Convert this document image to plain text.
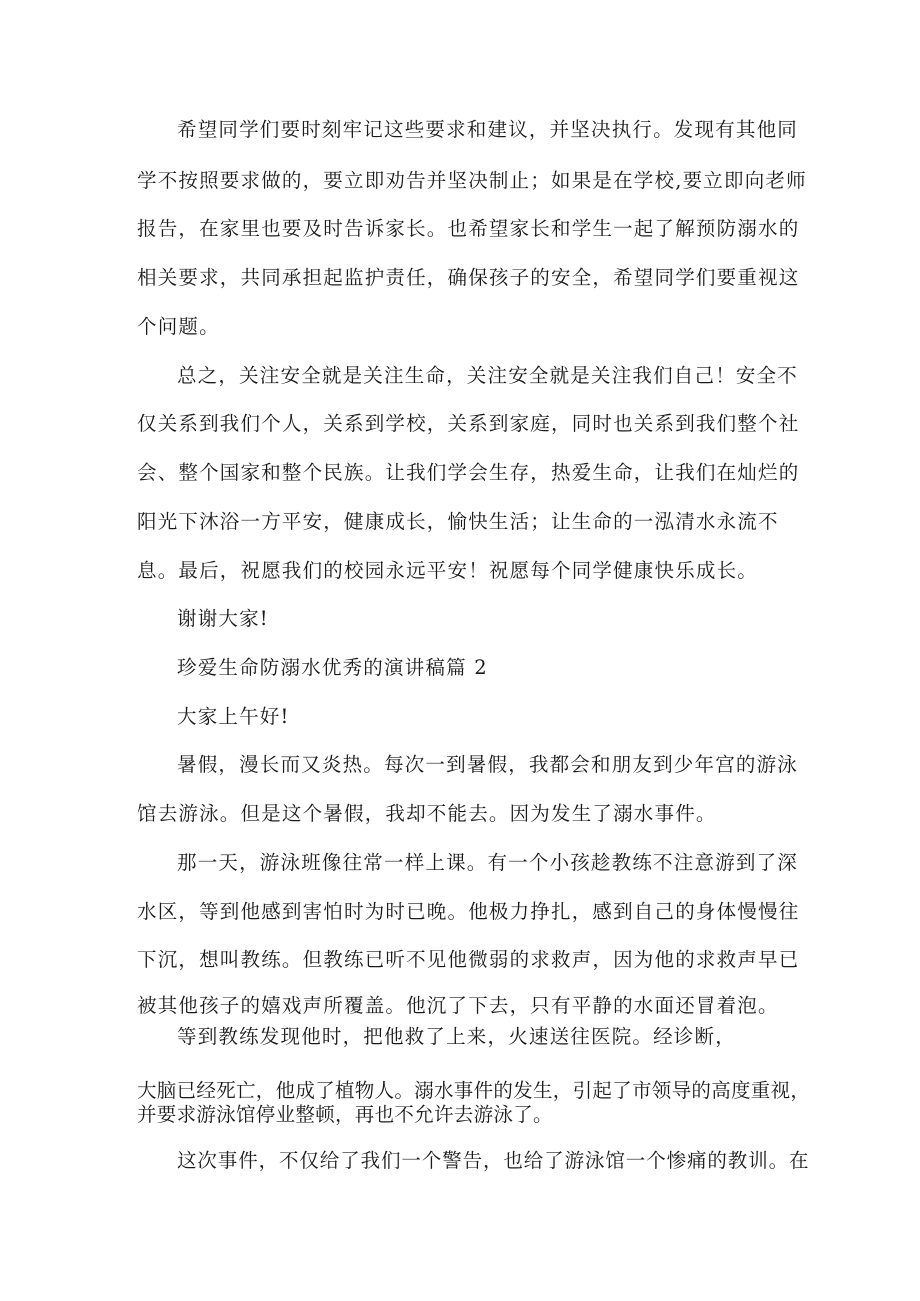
希望同学们要时刻牢记这些要求和建议，并坚决执行。发现有其他同
学不按照要求做的，要立即劝告并坚决制止；如果是在学校,要立即向老师
报告，在家里也要及时告诉家长。也希望家长和学生一起了解预防溺水的
相关要求，共同承担起监护责任，确保孩子的安全，希望同学们要重视这
个问题。
总之，关注安全就是关注生命，关注安全就是关注我们自己！安全不
仅关系到我们个人，关系到学校，关系到家庭，同时也关系到我们整个社
会、整个国家和整个民族。让我们学会生存，热爱生命，让我们在灿烂的
阳光下沐浴一方平安，健康成长，愉快生活；让生命的一泓清水永流不
息。最后，祝愿我们的校园永远平安！祝愿每个同学健康快乐成长。
谢谢大家!
珍爱生命防溺水优秀的演讲稿篇 2
大家上午好!
暑假，漫长而又炎热。每次一到暑假，我都会和朋友到少年宫的游泳
馆去游泳。但是这个暑假，我却不能去。因为发生了溺水事件。
那一天，游泳班像往常一样上课。有一个小孩趁教练不注意游到了深
水区，等到他感到害怕时为时已晚。他极力挣扎，感到自己的身体慢慢往
下沉，想叫教练。但教练已听不见他微弱的求救声，因为他的求救声早已
被其他孩子的嬉戏声所覆盖。他沉了下去，只有平静的水面还冒着泡。
等到教练发现他时，把他救了上来，火速送往医院。经诊断，
大脑已经死亡，他成了植物人。溺水事件的发生，引起了市领导的高度重视，
并要求游泳馆停业整顿，再也不允许去游泳了。
这次事件，不仅给了我们一个警告，也给了游泳馆一个惨痛的教训。在
